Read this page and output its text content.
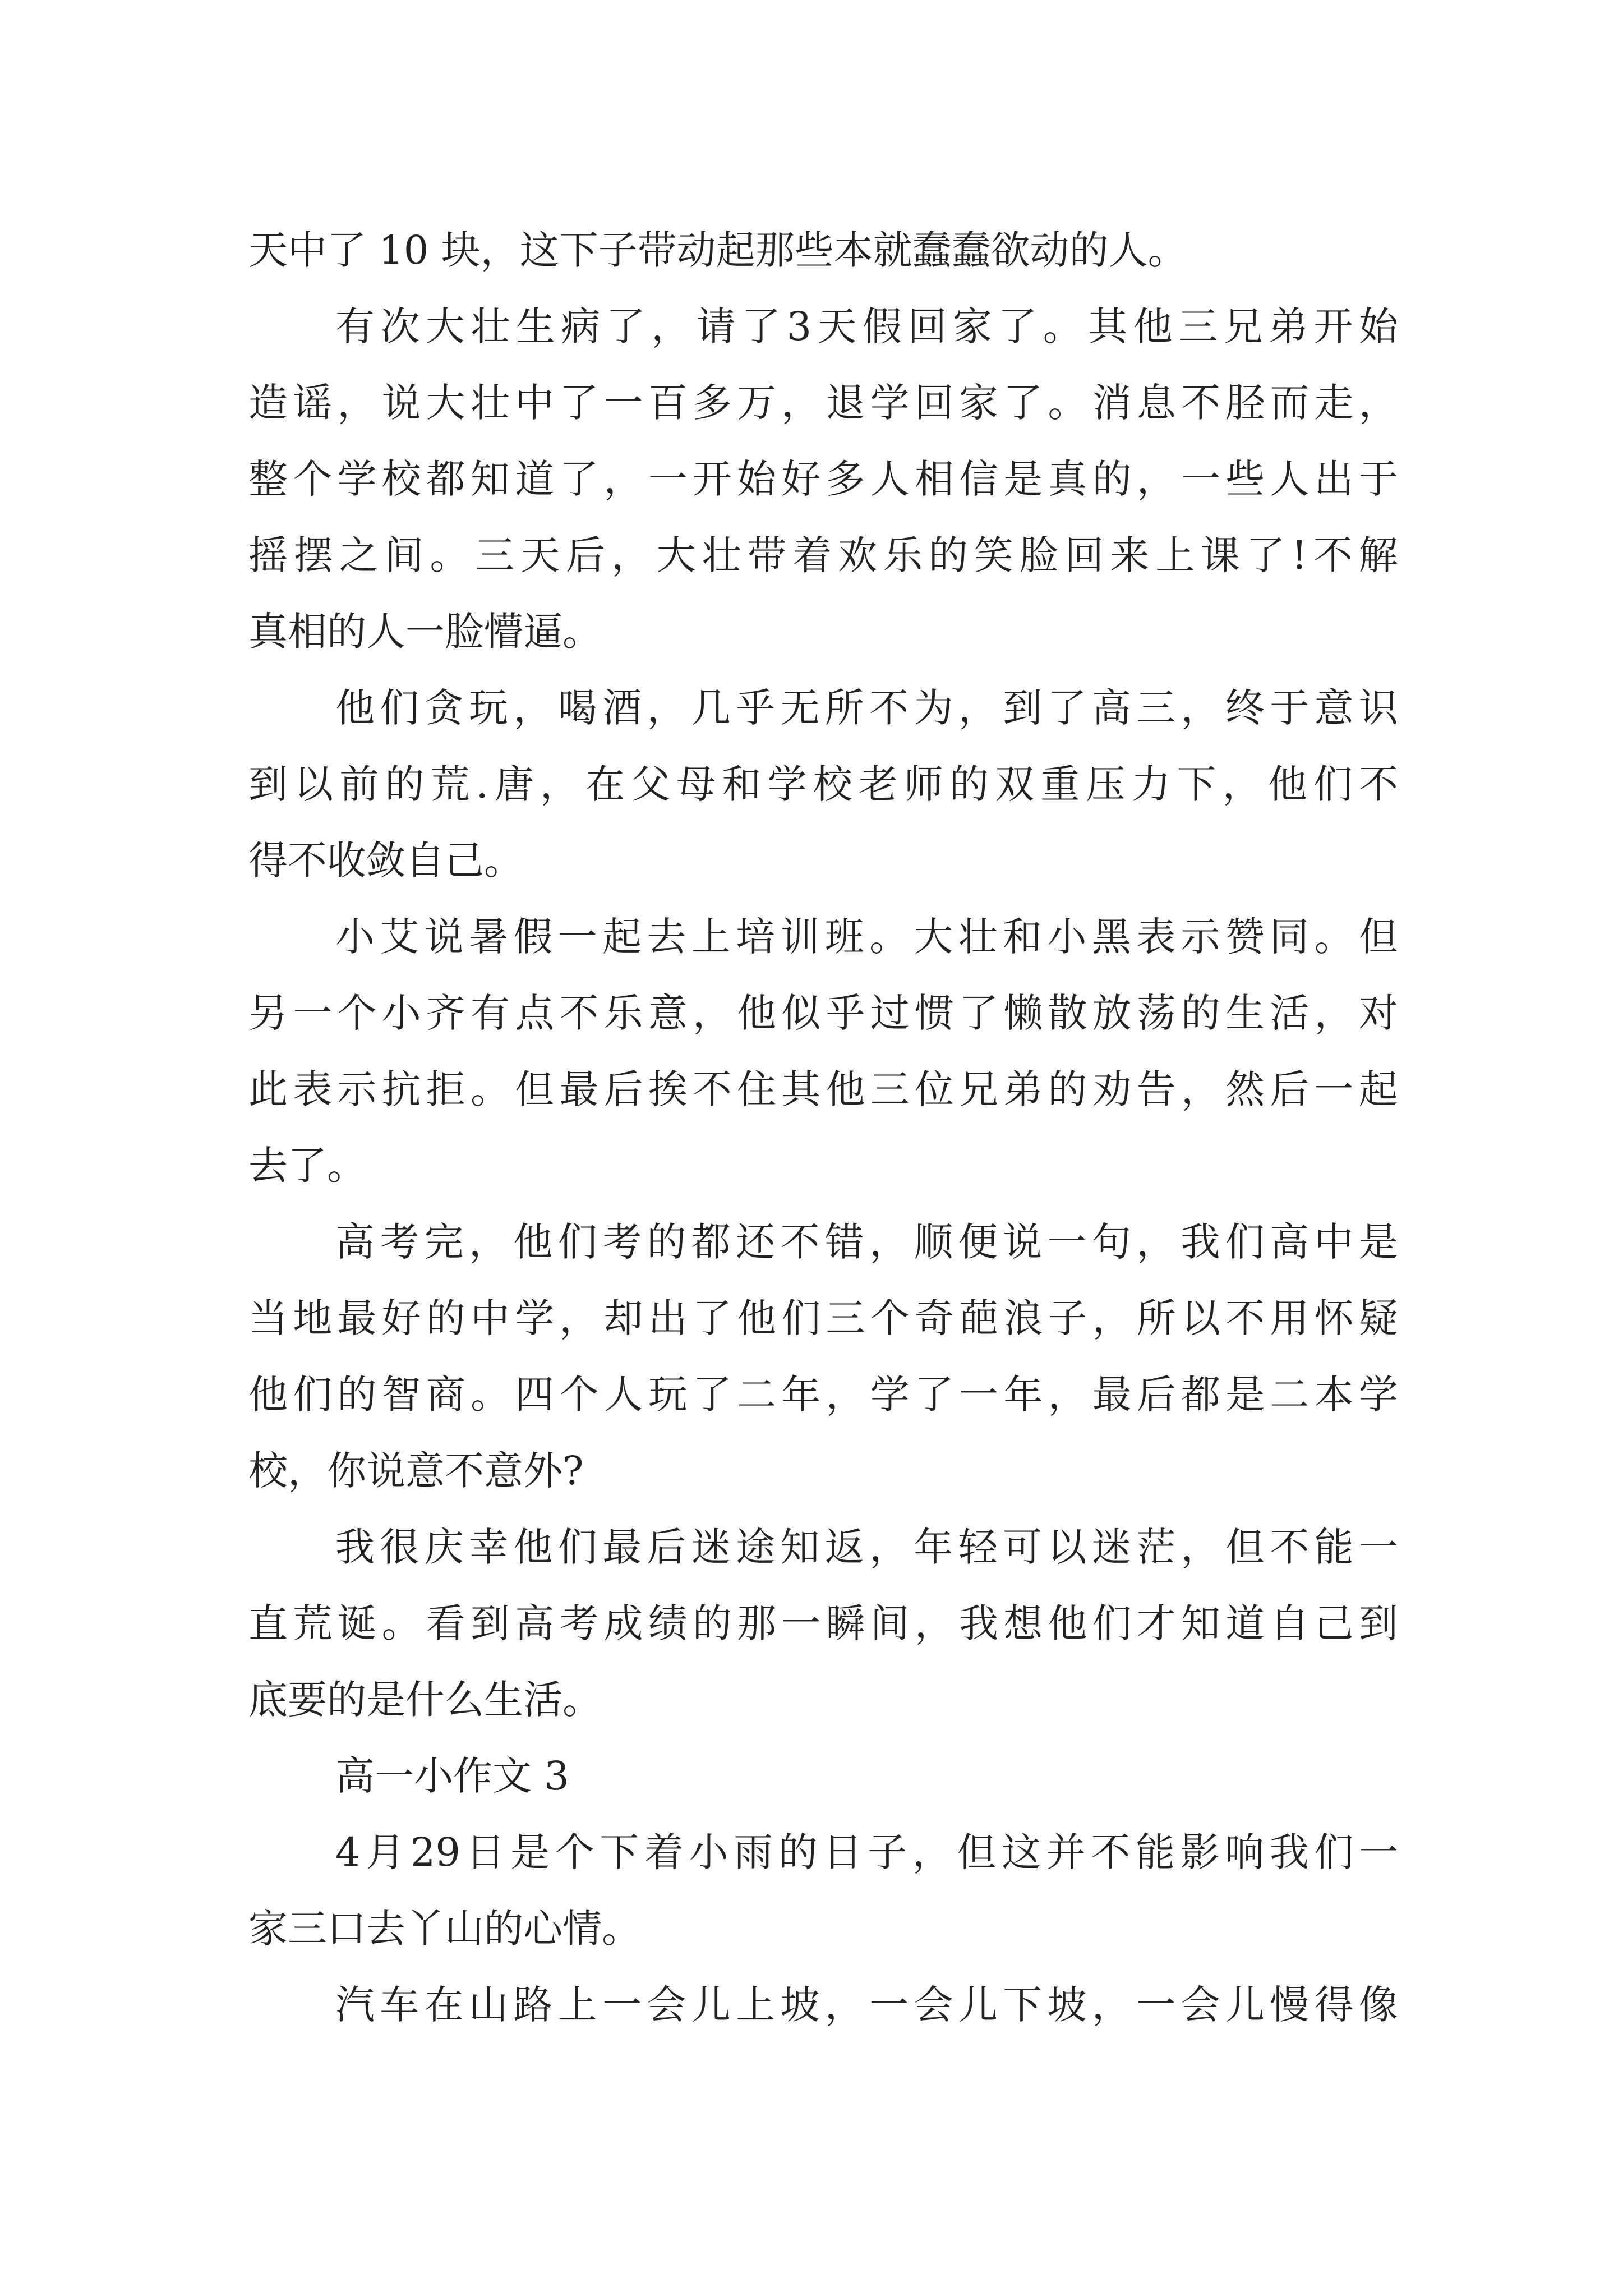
天中了 10 块，这下子带动起那些本就蠢蠢欲动的人。
有 次 大 壮 生 病 了 ， 请 了 3 天 假 回 家 了 。 其 他 三 兄 弟 开 始
造 谣 ， 说 大 壮 中 了 一 百 多 万 ， 退 学 回 家 了 。 消 息 不 胫 而 走 ，
整 个 学 校 都 知 道 了 ， 一 开 始 好 多 人 相 信 是 真 的 ， 一 些 人 出 于
摇 摆 之 间 。 三 天 后 ， 大 壮 带 着 欢 乐 的 笑 脸 回 来 上 课 了 ! 不 解
真相的人一脸懵逼。
他 们 贪 玩 ， 喝 酒 ， 几 乎 无 所 不 为 ， 到 了 高 三 ， 终 于 意 识
到 以 前 的 荒 . 唐 ， 在 父 母 和 学 校 老 师 的 双 重 压 力 下 ， 他 们 不
得不收敛自己。
小 艾 说 暑 假 一 起 去 上 培 训 班 。 大 壮 和 小 黑 表 示 赞 同 。 但
另 一 个 小 齐 有 点 不 乐 意 ， 他 似 乎 过 惯 了 懒 散 放 荡 的 生 活 ， 对
此 表 示 抗 拒 。 但 最 后 挨 不 住 其 他 三 位 兄 弟 的 劝 告 ， 然 后 一 起
去了。
高 考 完 ， 他 们 考 的 都 还 不 错 ， 顺 便 说 一 句 ， 我 们 高 中 是
当 地 最 好 的 中 学 ， 却 出 了 他 们 三 个 奇 葩 浪 子 ， 所 以 不 用 怀 疑
他 们 的 智 商 。 四 个 人 玩 了 二 年 ， 学 了 一 年 ， 最 后 都 是 二 本 学
校，你说意不意外?
我 很 庆 幸 他 们 最 后 迷 途 知 返 ， 年 轻 可 以 迷 茫 ， 但 不 能 一
直 荒 诞 。 看 到 高 考 成 绩 的 那 一 瞬 间 ， 我 想 他 们 才 知 道 自 己 到
底要的是什么生活。
高一小作文 3
4 月 29 日 是 个 下 着 小 雨 的 日 子 ， 但 这 并 不 能 影 响 我 们 一
家三口去丫山的心情。
汽 车 在 山 路 上 一 会 儿 上 坡 ， 一 会 儿 下 坡 ， 一 会 儿 慢 得 像
